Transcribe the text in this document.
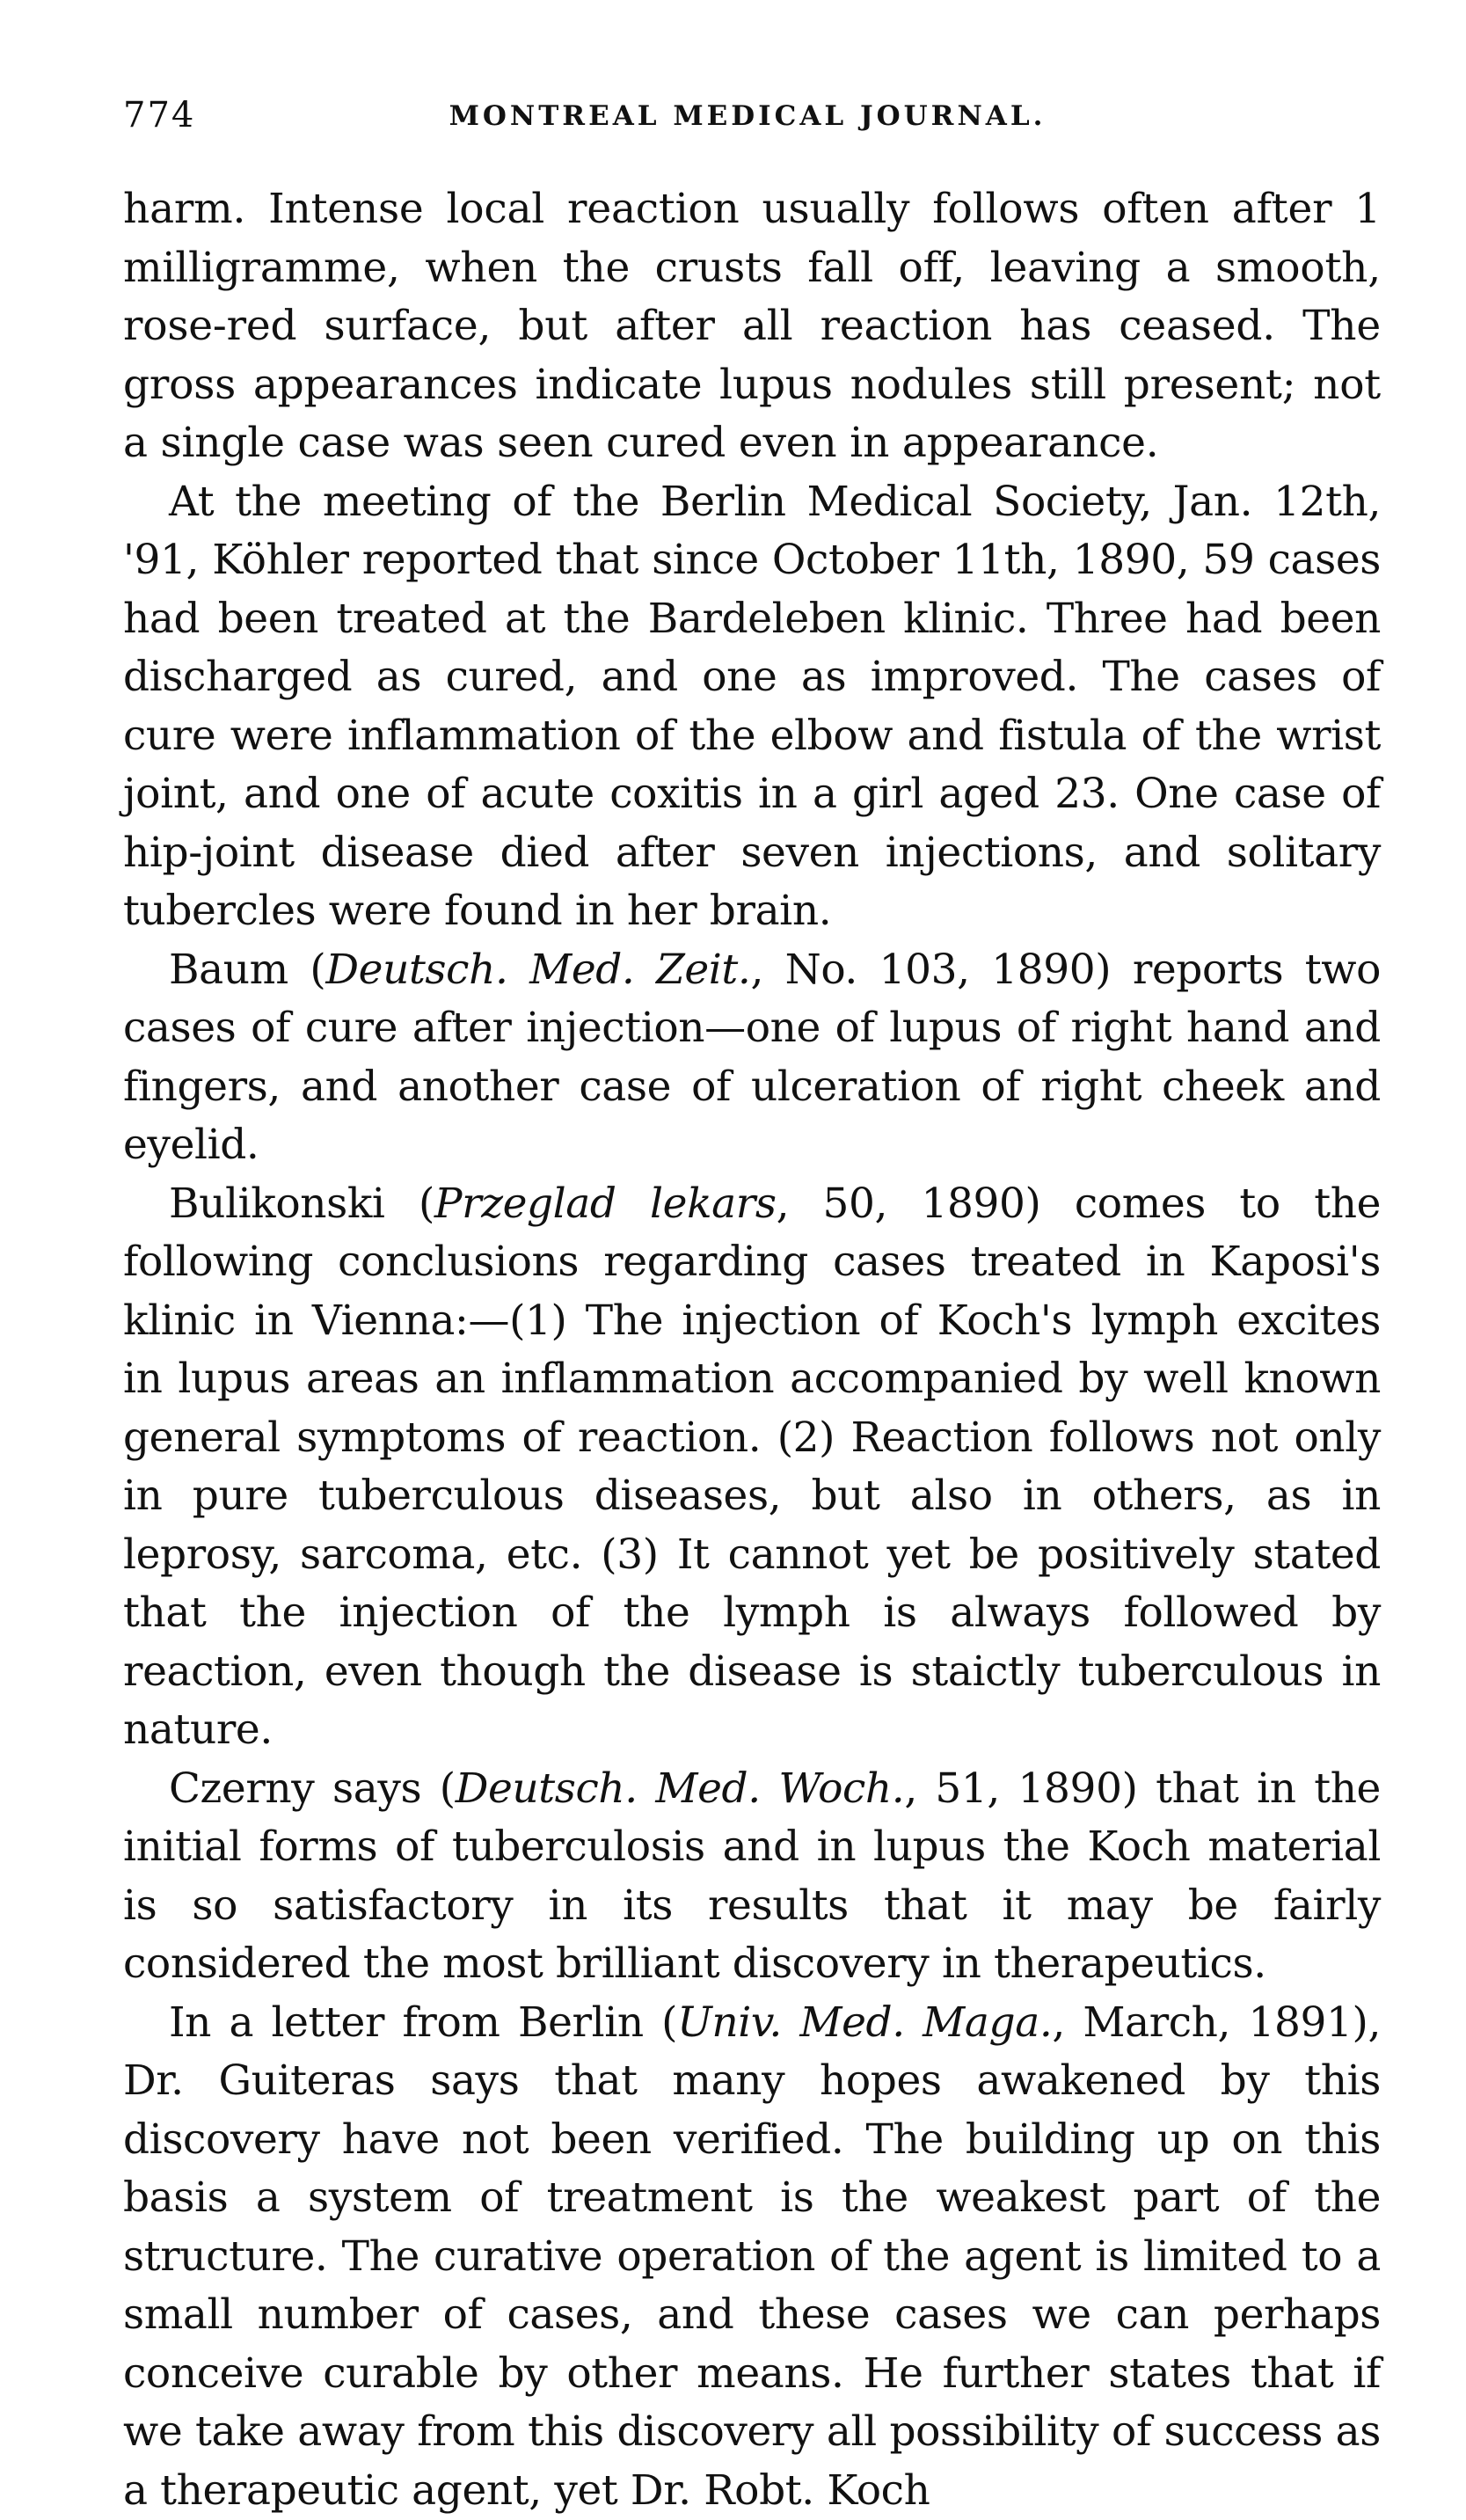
774	MONTREAL MEDICAL JOURNAL.

harm. Intense local reaction usually follows often after 1 milligramme, when the crusts fall off, leaving a smooth, rose-red surface, but after all reaction has ceased. The gross appearances indicate lupus nodules still present; not a single case was seen cured even in appearance.

At the meeting of the Berlin Medical Society, Jan. 12th, '91, Köhler reported that since October 11th, 1890, 59 cases had been treated at the Bardeleben klinic. Three had been discharged as cured, and one as improved. The cases of cure were inflammation of the elbow and fistula of the wrist joint, and one of acute coxitis in a girl aged 23. One case of hip-joint disease died after seven injections, and solitary tubercles were found in her brain.

Baum (Deutsch. Med. Zeit., No. 103, 1890) reports two cases of cure after injection—one of lupus of right hand and fingers, and another case of ulceration of right cheek and eyelid.

Bulikonski (Przeglad lekars, 50, 1890) comes to the following conclusions regarding cases treated in Kaposi's klinic in Vienna:—(1) The injection of Koch's lymph excites in lupus areas an inflammation accompanied by well known general symptoms of reaction. (2) Reaction follows not only in pure tuberculous diseases, but also in others, as in leprosy, sarcoma, etc. (3) It cannot yet be positively stated that the injection of the lymph is always followed by reaction, even though the disease is staictly tuberculous in nature.

Czerny says (Deutsch. Med. Woch., 51, 1890) that in the initial forms of tuberculosis and in lupus the Koch material is so satisfactory in its results that it may be fairly considered the most brilliant discovery in therapeutics.

In a letter from Berlin (Univ. Med. Maga., March, 1891), Dr. Guiteras says that many hopes awakened by this discovery have not been verified. The building up on this basis a system of treatment is the weakest part of the structure. The curative operation of the agent is limited to a small number of cases, and these cases we can perhaps conceive curable by other means. He further states that if we take away from this discovery all possibility of success as a therapeutic agent, yet Dr. Robt. Koch
